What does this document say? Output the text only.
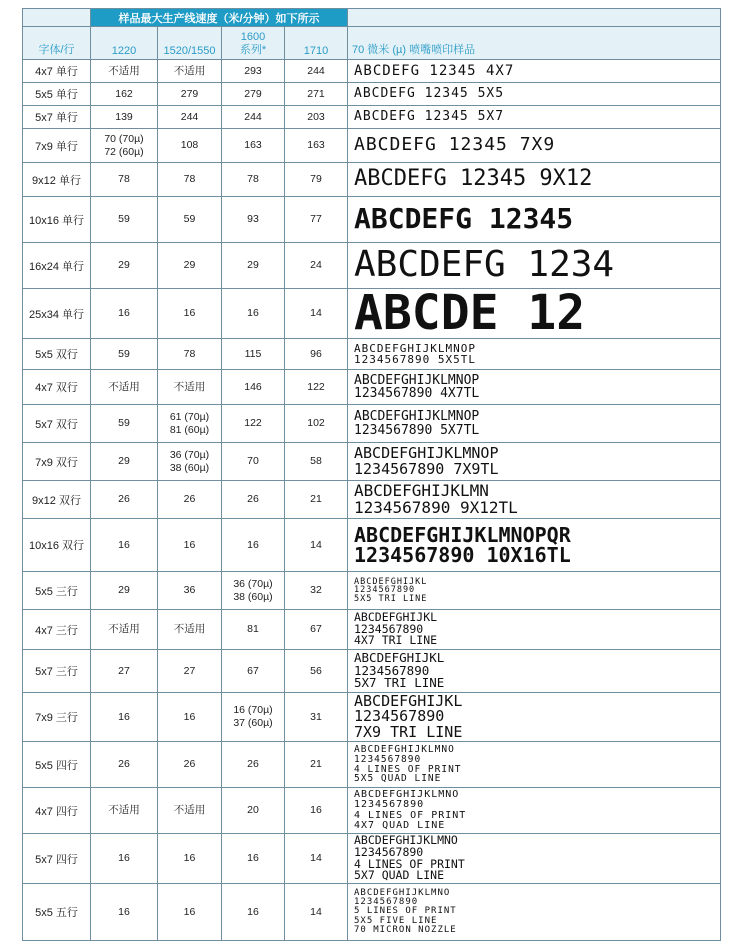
	样品最大生产线速度（米/分钟）如下所示				
字体/行	1220	1520/1550	1600
系列*	1710	70 微米 (µ) 喷嘴喷印样品
4x7 单行	不适用	不适用	293	244	ABCDEFG 12345 4X7
5x5 单行	162	279	279	271	ABCDEFG 12345 5X5
5x7 单行	139	244	244	203	ABCDEFG 12345 5X7
7x9 单行	70 (70µ)
72 (60µ)	108	163	163	ABCDEFG 12345 7X9
9x12 单行	78	78	78	79	ABCDEFG 12345 9X12
10x16 单行	59	59	93	77	ABCDEFG 12345
16x24 单行	29	29	29	24	ABCDEFG 1234
25x34 单行	16	16	16	14	ABCDE 12
5x5 双行	59	78	115	96	ABCDEFGHIJKLMNOP
1234567890 5X5TL
4x7 双行	不适用	不适用	146	122	ABCDEFGHIJKLMNOP
1234567890 4X7TL
5x7 双行	59	61 (70µ)
81 (60µ)	122	102	ABCDEFGHIJKLMNOP
1234567890 5X7TL
7x9 双行	29	36 (70µ)
38 (60µ)	70	58	ABCDEFGHIJKLMNOP
1234567890 7X9TL
9x12 双行	26	26	26	21	ABCDEFGHIJKLMN
1234567890 9X12TL
10x16 双行	16	16	16	14	ABCDEFGHIJKLMNOPQR
1234567890 10X16TL
5x5 三行	29	36	36 (70µ)
38 (60µ)	32	ABCDEFGHIJKL
1234567890
5X5 TRI LINE
4x7 三行	不适用	不适用	81	67	ABCDEFGHIJKL
1234567890
4X7 TRI LINE
5x7 三行	27	27	67	56	ABCDEFGHIJKL
1234567890
5X7 TRI LINE
7x9 三行	16	16	16 (70µ)
37 (60µ)	31	ABCDEFGHIJKL
1234567890
7X9 TRI LINE
5x5 四行	26	26	26	21	ABCDEFGHIJKLMNO
1234567890
4 LINES OF PRINT
5X5 QUAD LINE
4x7 四行	不适用	不适用	20	16	ABCDEFGHIJKLMNO
1234567890
4 LINES OF PRINT
4X7 QUAD LINE
5x7 四行	16	16	16	14	ABCDEFGHIJKLMNO
1234567890
4 LINES OF PRINT
5X7 QUAD LINE
5x5 五行	16	16	16	14	ABCDEFGHIJKLMNO
1234567890
5 LINES OF PRINT
5X5 FIVE LINE
70 MICRON NOZZLE
